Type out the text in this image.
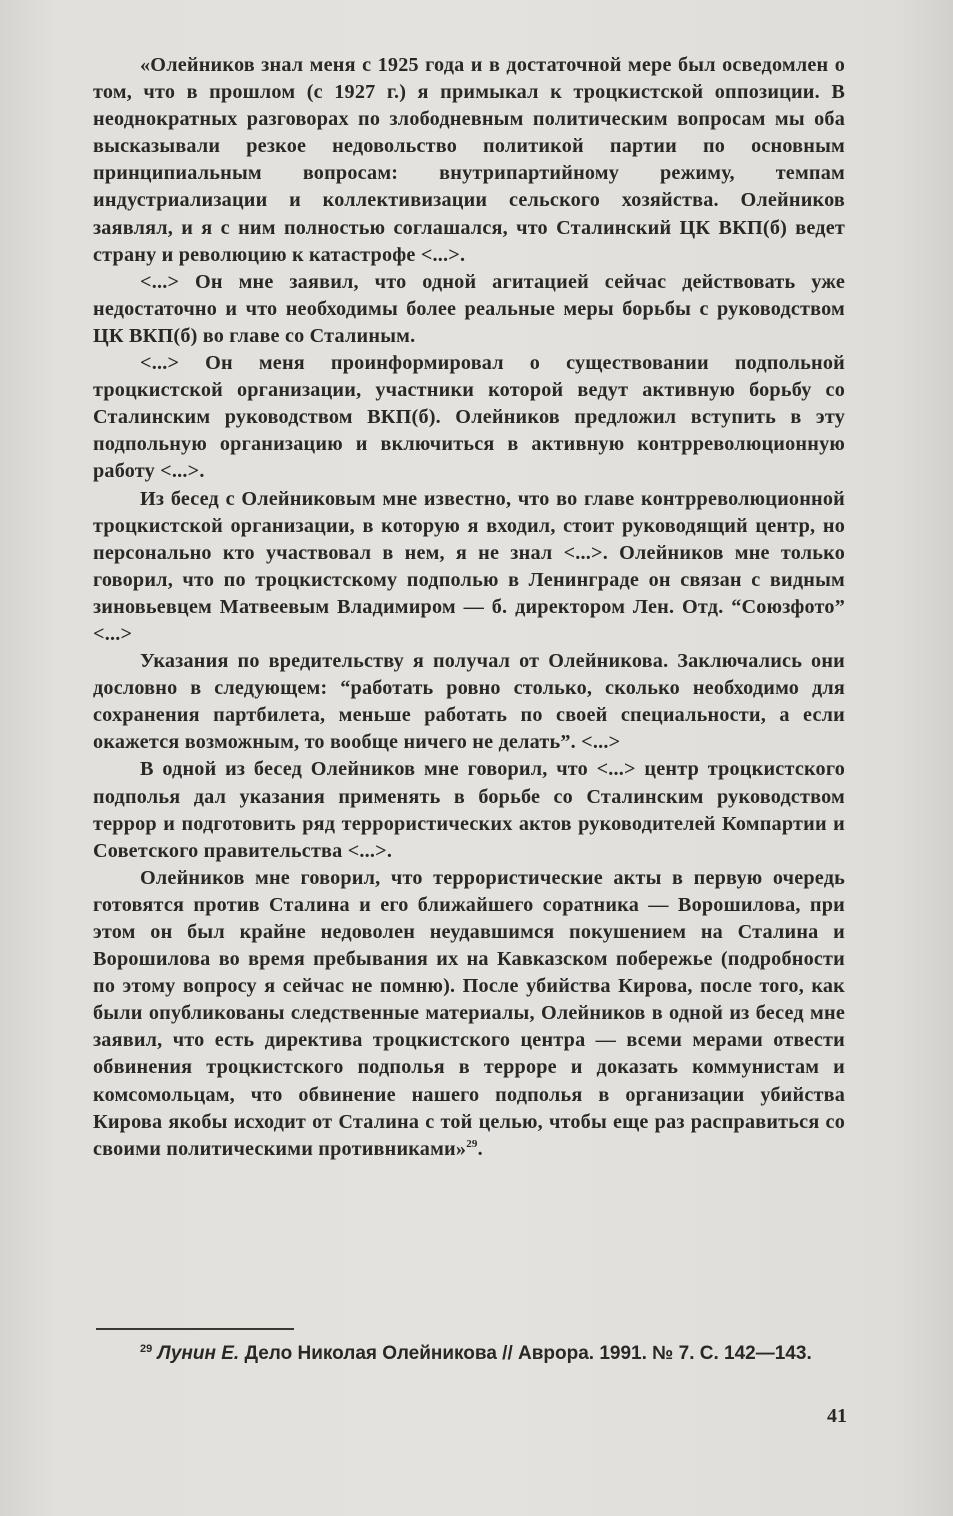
«Олейников знал меня с 1925 года и в достаточной мере был осведомлен о том, что в прошлом (с 1927 г.) я примыкал к троцкистской оппозиции. В неоднократных разговорах по злободневным политическим вопросам мы оба высказывали резкое недовольство политикой партии по основным принципиальным вопросам: внутрипартийному режиму, темпам индустриализации и коллективизации сельского хозяйства. Олейников заявлял, и я с ним полностью соглашался, что Сталинский ЦК ВКП(б) ведет страну и революцию к катастрофе <...>.

<...> Он мне заявил, что одной агитацией сейчас действовать уже недостаточно и что необходимы более реальные меры борьбы с руководством ЦК ВКП(б) во главе со Сталиным.

<...> Он меня проинформировал о существовании подпольной троцкистской организации, участники которой ведут активную борьбу со Сталинским руководством ВКП(б). Олейников предложил вступить в эту подпольную организацию и включиться в активную контрреволюционную работу <...>.

Из бесед с Олейниковым мне известно, что во главе контрреволюционной троцкистской организации, в которую я входил, стоит руководящий центр, но персонально кто участвовал в нем, я не знал <...>. Олейников мне только говорил, что по троцкистскому подполью в Ленинграде он связан с видным зиновьевцем Матвеевым Владимиром — б. директором Лен. Отд. “Союзфото” <...>

Указания по вредительству я получал от Олейникова. Заключались они дословно в следующем: “работать ровно столько, сколько необходимо для сохранения партбилета, меньше работать по своей специальности, а если окажется возможным, то вообще ничего не делать”. <...>

В одной из бесед Олейников мне говорил, что <...> центр троцкистского подполья дал указания применять в борьбе со Сталинским руководством террор и подготовить ряд террористических актов руководителей Компартии и Советского правительства <...>.

Олейников мне говорил, что террористические акты в первую очередь готовятся против Сталина и его ближайшего соратника — Ворошилова, при этом он был крайне недоволен неудавшимся покушением на Сталина и Ворошилова во время пребывания их на Кавказском побережье (подробности по этому вопросу я сейчас не помню). После убийства Кирова, после того, как были опубликованы следственные материалы, Олейников в одной из бесед мне заявил, что есть директива троцкистского центра — всеми мерами отвести обвинения троцкистского подполья в терроре и доказать коммунистам и комсомольцам, что обвинение нашего подполья в организации убийства Кирова якобы исходит от Сталина с той целью, чтобы еще раз расправиться со своими политическими противниками»$^{29}$.

$^{29}$ Лунин Е. Дело Николая Олейникова // Аврора. 1991. № 7. С. 142—143.
41
